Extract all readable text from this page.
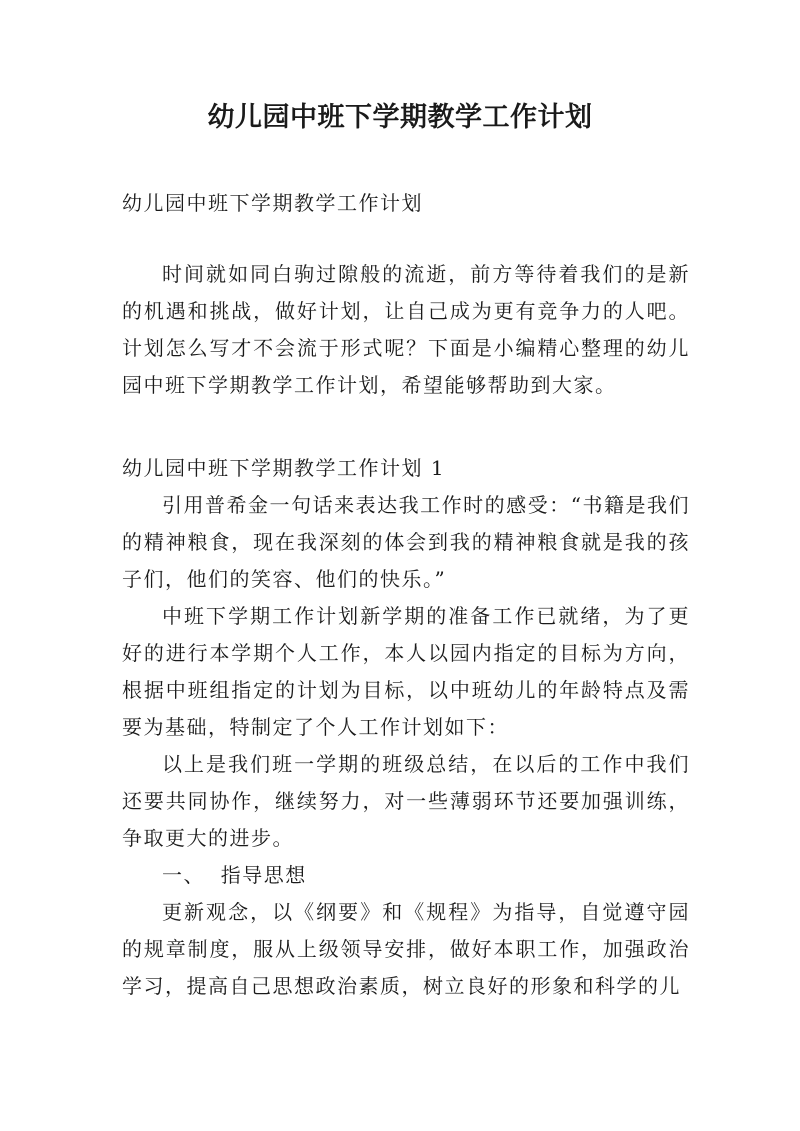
幼儿园中班下学期教学工作计划
幼儿园中班下学期教学工作计划

时间就如同白驹过隙般的流逝，前方等待着我们的是新的机遇和挑战，做好计划，让自己成为更有竞争力的人吧。计划怎么写才不会流于形式呢？下面是小编精心整理的幼儿园中班下学期教学工作计划，希望能够帮助到大家。

幼儿园中班下学期教学工作计划 1

引用普希金一句话来表达我工作时的感受：“书籍是我们的精神粮食，现在我深刻的体会到我的精神粮食就是我的孩子们，他们的笑容、他们的快乐。”

中班下学期工作计划新学期的准备工作已就绪，为了更好的进行本学期个人工作，本人以园内指定的目标为方向，根据中班组指定的计划为目标，以中班幼儿的年龄特点及需要为基础，特制定了个人工作计划如下：

以上是我们班一学期的班级总结，在以后的工作中我们还要共同协作，继续努力，对一些薄弱环节还要加强训练，争取更大的进步。

一、  指导思想

更新观念，以《纲要》和《规程》为指导，自觉遵守园的规章制度，服从上级领导安排，做好本职工作，加强政治学习，提高自己思想政治素质，树立良好的形象和科学的儿
